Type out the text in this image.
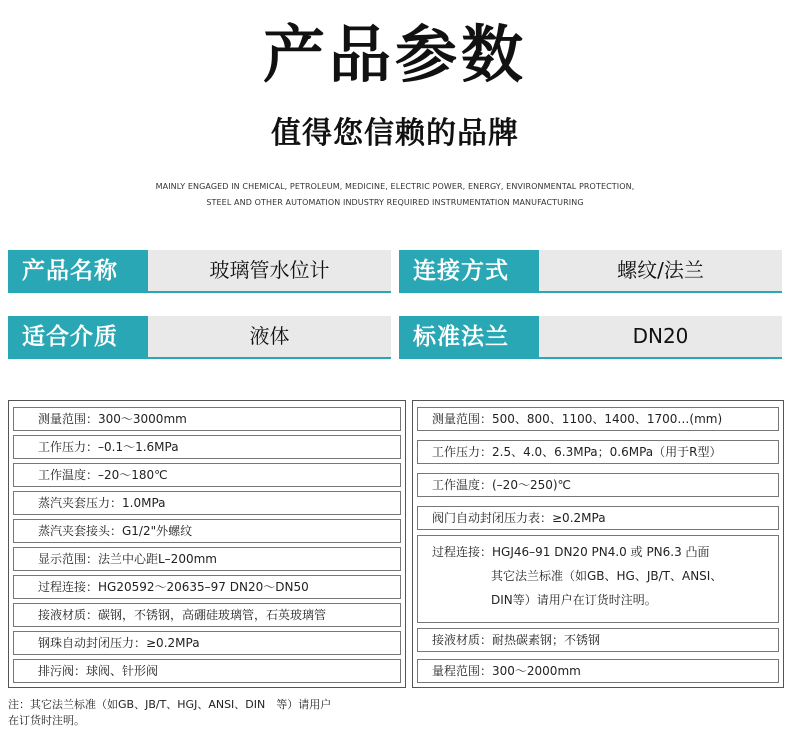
产品参数
值得您信赖的品牌
MAINLY ENGAGED IN CHEMICAL, PETROLEUM, MEDICINE, ELECTRIC POWER, ENERGY, ENVIRONMENTAL PROTECTION,
STEEL AND OTHER AUTOMATION INDUSTRY REQUIRED INSTRUMENTATION MANUFACTURING
产品名称	玻璃管水位计	连接方式	螺纹/法兰
适合介质	液体	标准法兰	DN20
测量范围：300～3000mm
工作压力：–0.1～1.6MPa
工作温度：–20～180℃
蒸汽夹套压力：1.0MPa
蒸汽夹套接头：G1/2"外螺纹
显示范围：法兰中心距L–200mm
过程连接：HG20592～20635–97 DN20～DN50
接液材质：碳钢，不锈钢，高硼硅玻璃管，石英玻璃管
钢珠自动封闭压力：≥0.2MPa
排污阀：球阀、针形阀
测量范围：500、800、1100、1400、1700…(mm)
工作压力：2.5、4.0、6.3MPa；0.6MPa（用于R型）
工作温度：(–20～250)℃
阀门自动封闭压力表：≥0.2MPa
过程连接：HGJ46–91 DN20 PN4.0 或 PN6.3 凸面
其它法兰标准（如GB、HG、JB/T、ANSI、
DIN等）请用户在订货时注明。
接液材质：耐热碳素钢；不锈钢
量程范围：300～2000mm
注：其它法兰标准（如GB、JB/T、HGJ、ANSI、DIN　等）请用户
在订货时注明。
